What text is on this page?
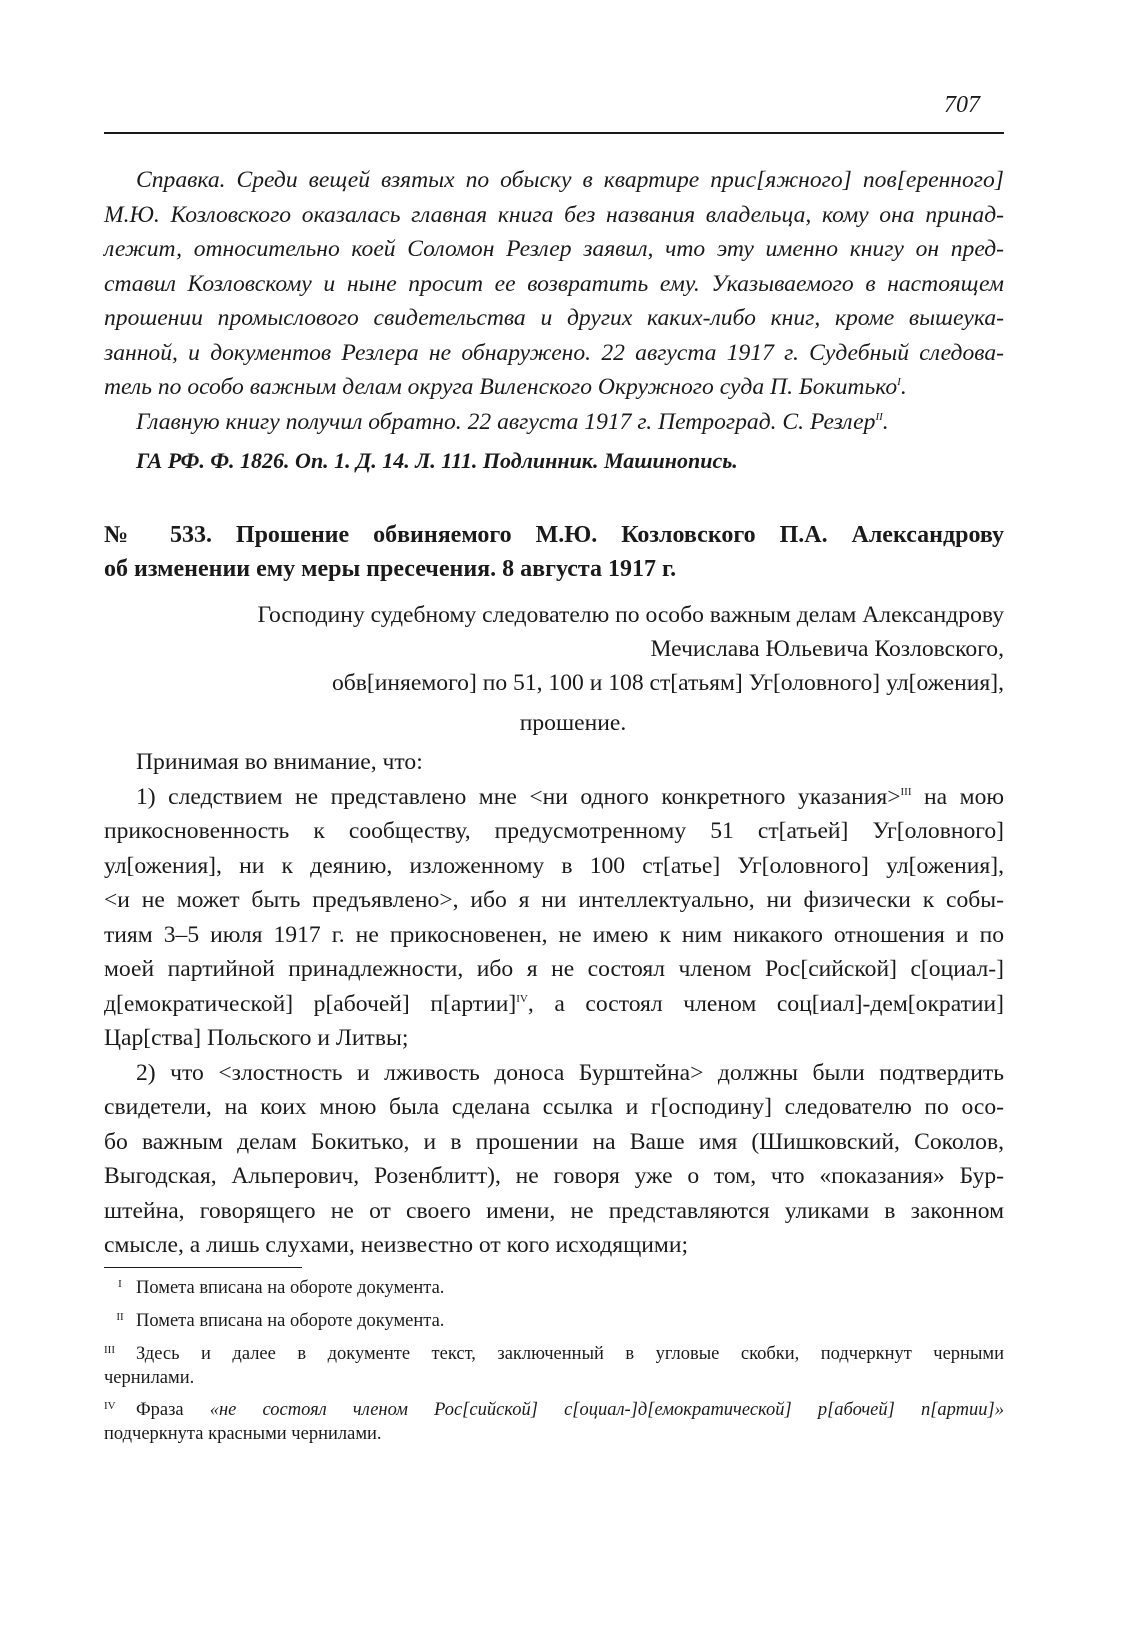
707
Справка. Среди вещей взятых по обыску в квартире прис[яжного] пов[еренного]
М.Ю. Козловского оказалась главная книга без названия владельца, кому она принад-
лежит, относительно коей Соломон Резлер заявил, что эту именно книгу он пред-
ставил Козловскому и ныне просит ее возвратить ему. Указываемого в настоящем
прошении промыслового свидетельства и других каких-либо книг, кроме вышеука-
занной, и документов Резлера не обнаружено. 22 августа 1917 г. Судебный следова-
тель по особо важным делам округа Виленского Окружного суда П. Бокитько$^I$.
Главную книгу получил обратно. 22 августа 1917 г. Петроград. С. Резлер$^{II}$.
ГА РФ. Ф. 1826. Оп. 1. Д. 14. Л. 111. Подлинник. Машинопись.
№ 533. Прошение обвиняемого М.Ю. Козловского П.А. Александрову
об изменении ему меры пресечения. 8 августа 1917 г.
Господину судебному следователю по особо важным делам Александрову
Мечислава Юльевича Козловского,
обв[иняемого] по 51, 100 и 108 ст[атьям] Уг[оловного] ул[ожения],
прошение.
Принимая во внимание, что:
1) следствием не представлено мне <ни одного конкретного указания>$^{III}$ на мою
прикосновенность к сообществу, предусмотренному 51 ст[атьей] Уг[оловного]
ул[ожения], ни к деянию, изложенному в 100 ст[атье] Уг[оловного] ул[ожения],
<и не может быть предъявлено>, ибо я ни интеллектуально, ни физически к собы-
тиям 3–5 июля 1917 г. не прикосновенен, не имею к ним никакого отношения и по
моей партийной принадлежности, ибо я не состоял членом Рос[сийской] с[оциал-]
д[емократической] р[абочей] п[артии]$^{IV}$, а состоял членом соц[иал]-дем[ократии]
Цар[ства] Польского и Литвы;
2) что <злостность и лживость доноса Бурштейна> должны были подтвердить
свидетели, на коих мною была сделана ссылка и г[осподину] следователю по осо-
бо важным делам Бокитько, и в прошении на Ваше имя (Шишковский, Соколов,
Выгодская, Альперович, Розенблитт), не говоря уже о том, что «показания» Бур-
штейна, говорящего не от своего имени, не представляются уликами в законном
смысле, а лишь слухами, неизвестно от кого исходящими;
I Помета вписана на обороте документа.
II Помета вписана на обороте документа.
III Здесь и далее в документе текст, заключенный в угловые скобки, подчеркнут черными
чернилами.
IV Фраза «не состоял членом Рос[сийской] с[оциал-]д[емократической] р[абочей] п[артии]»
подчеркнута красными чернилами.
